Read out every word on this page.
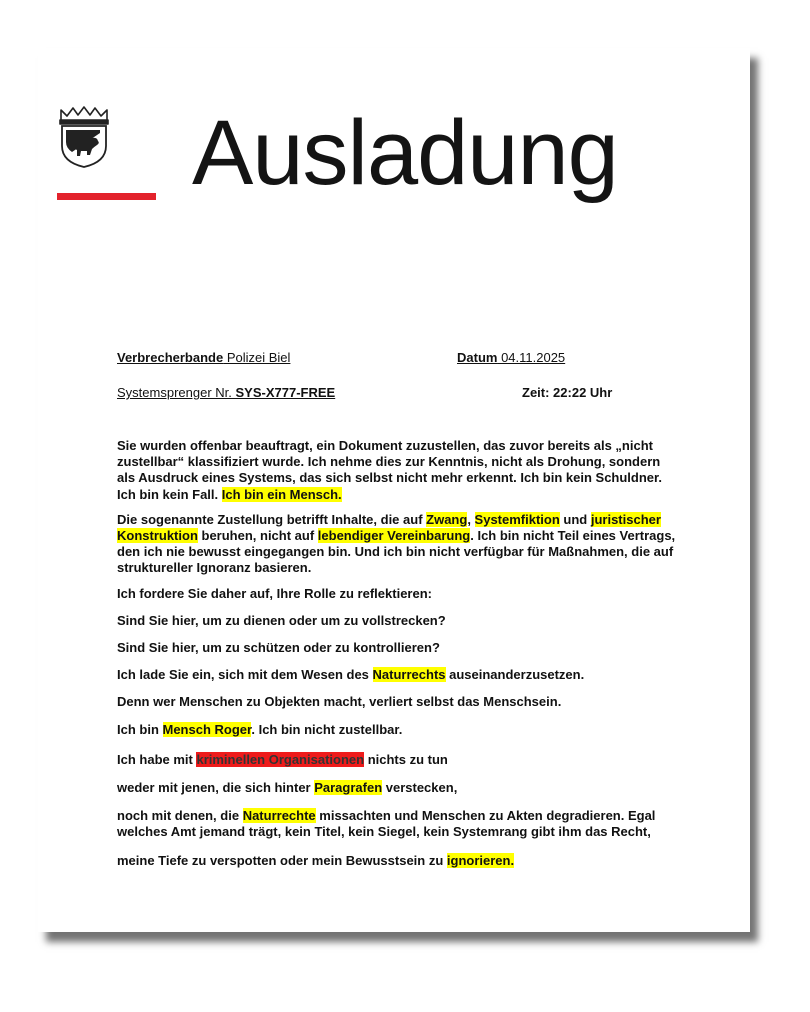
Ausladung
Verbrecherbande Polizei Biel	Datum 04.11.2025
Systemsprenger Nr. SYS-X777-FREE	Zeit: 22:22 Uhr

Sie wurden offenbar beauftragt, ein Dokument zuzustellen, das zuvor bereits als „nicht zustellbar“ klassifiziert wurde. Ich nehme dies zur Kenntnis, nicht als Drohung, sondern als Ausdruck eines Systems, das sich selbst nicht mehr erkennt. Ich bin kein Schuldner. Ich bin kein Fall. Ich bin ein Mensch.

Die sogenannte Zustellung betrifft Inhalte, die auf Zwang, Systemfiktion und juristischer Konstruktion beruhen, nicht auf lebendiger Vereinbarung. Ich bin nicht Teil eines Vertrags, den ich nie bewusst eingegangen bin. Und ich bin nicht verfügbar für Maßnahmen, die auf struktureller Ignoranz basieren.

Ich fordere Sie daher auf, Ihre Rolle zu reflektieren:

Sind Sie hier, um zu dienen oder um zu vollstrecken?

Sind Sie hier, um zu schützen oder zu kontrollieren?

Ich lade Sie ein, sich mit dem Wesen des Naturrechts auseinanderzusetzen.

Denn wer Menschen zu Objekten macht, verliert selbst das Menschsein.

Ich bin Mensch Roger. Ich bin nicht zustellbar.

Ich habe mit kriminellen Organisationen nichts zu tun

weder mit jenen, die sich hinter Paragrafen verstecken,

noch mit denen, die Naturrechte missachten und Menschen zu Akten degradieren. Egal welches Amt jemand trägt, kein Titel, kein Siegel, kein Systemrang gibt ihm das Recht,

meine Tiefe zu verspotten oder mein Bewusstsein zu ignorieren.
